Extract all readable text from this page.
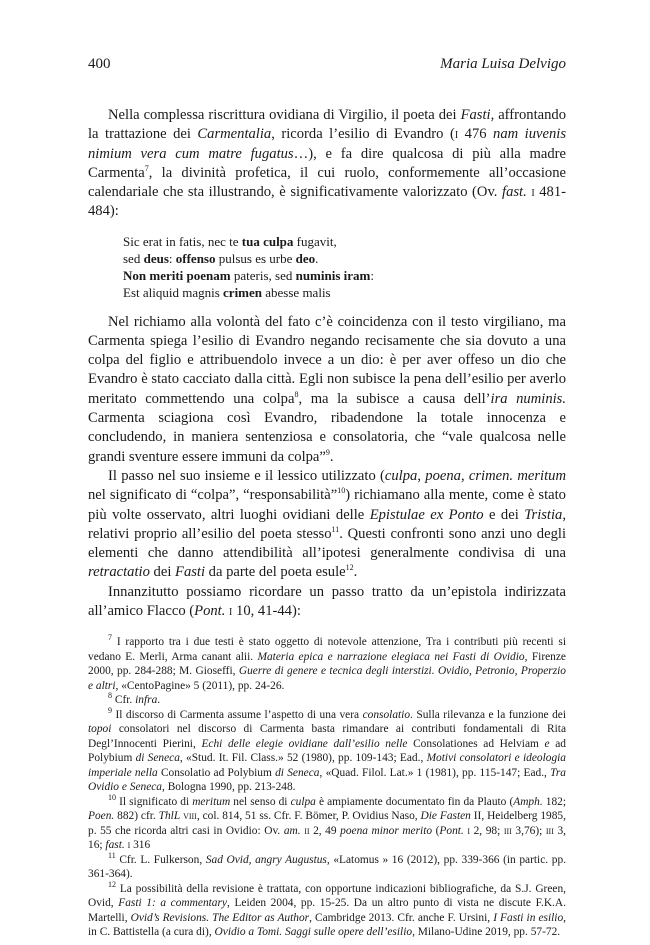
400	Maria Luisa Delvigo

Nella complessa riscrittura ovidiana di Virgilio, il poeta dei Fasti, affrontando la trattazione dei Carmentalia, ricorda l’esilio di Evandro (i 476 nam iuvenis nimium vera cum matre fugatus…), e fa dire qualcosa di più alla madre Carmenta$^7$, la divinità profetica, il cui ruolo, conformemente all’occasione calendariale che sta illustrando, è significativamente valorizzato (Ov. fast. i 481-484):

Sic erat in fatis, nec te tua culpa fugavit,
sed deus: offenso pulsus es urbe deo.
Non meriti poenam pateris, sed numinis iram:
Est aliquid magnis crimen abesse malis

Nel richiamo alla volontà del fato c’è coincidenza con il testo virgiliano, ma Carmenta spiega l’esilio di Evandro negando recisamente che sia dovuto a una colpa del figlio e attribuendolo invece a un dio: è per aver offeso un dio che Evandro è stato cacciato dalla città. Egli non subisce la pena dell’esilio per averlo meritato commettendo una colpa$^8$, ma la subisce a causa dell’ira numinis. Carmenta sciagiona così Evandro, ribadendone la totale innocenza e concludendo, in maniera sentenziosa e consolatoria, che “vale qualcosa nelle grandi sventure essere immuni da colpa”$^9$.

Il passo nel suo insieme e il lessico utilizzato (culpa, poena, crimen. meritum nel significato di “colpa”, “responsabilità”$^{10}$) richiamano alla mente, come è stato più volte osservato, altri luoghi ovidiani delle Epistulae ex Ponto e dei Tristia, relativi proprio all’esilio del poeta stesso$^{11}$. Questi confronti sono anzi uno degli elementi che danno attendibilità all’ipotesi generalmente condivisa di una retractatio dei Fasti da parte del poeta esule$^{12}$.

Innanzitutto possiamo ricordare un passo tratto da un’epistola indirizzata all’amico Flacco (Pont. i 10, 41-44):

$^7$ I rapporto tra i due testi è stato oggetto di notevole attenzione, Tra i contributi più recenti si vedano E. Merli, Arma canant alii. Materia epica e narrazione elegiaca nei Fasti di Ovidio, Firenze 2000, pp. 284-288; M. Gioseffi, Guerre di genere e tecnica degli interstizi. Ovidio, Petronio, Properzio e altri, «CentoPagine» 5 (2011), pp. 24-26.

$^8$ Cfr. infra.

$^9$ Il discorso di Carmenta assume l’aspetto di una vera consolatio. Sulla rilevanza e la funzione dei topoi consolatori nel discorso di Carmenta basta rimandare ai contributi fondamentali di Rita Degl’Innocenti Pierini, Echi delle elegie ovidiane dall’esilio nelle Consolationes ad Helviam e ad Polybium di Seneca, «Stud. It. Fil. Class.» 52 (1980), pp. 109-143; Ead., Motivi consolatori e ideologia imperiale nella Consolatio ad Polybium di Seneca, «Quad. Filol. Lat.» 1 (1981), pp. 115-147; Ead., Tra Ovidio e Seneca, Bologna 1990, pp. 213-248.

$^{10}$ Il significato di meritum nel senso di culpa è ampiamente documentato fin da Plauto (Amph. 182; Poen. 882) cfr. ThlL viii, col. 814, 51 ss. Cfr. F. Bömer, P. Ovidius Naso, Die Fasten II, Heidelberg 1985, p. 55 che ricorda altri casi in Ovidio: Ov. am. ii 2, 49 poena minor merito (Pont. i 2, 98; iii 3,76); iii 3, 16; fast. i 316

$^{11}$ Cfr. L. Fulkerson, Sad Ovid, angry Augustus, «Latomus » 16 (2012), pp. 339-366 (in partic. pp. 361-364).

$^{12}$ La possibilità della revisione è trattata, con opportune indicazioni bibliografiche, da S.J. Green, Ovid, Fasti 1: a commentary, Leiden 2004, pp. 15-25. Da un altro punto di vista ne discute F.K.A. Martelli, Ovid’s Revisions. The Editor as Author, Cambridge 2013. Cfr. anche F. Ursini, I Fasti in esilio, in C. Battistella (a cura di), Ovidio a Tomi. Saggi sulle opere dell’esilio, Milano-Udine 2019, pp. 57-72.
